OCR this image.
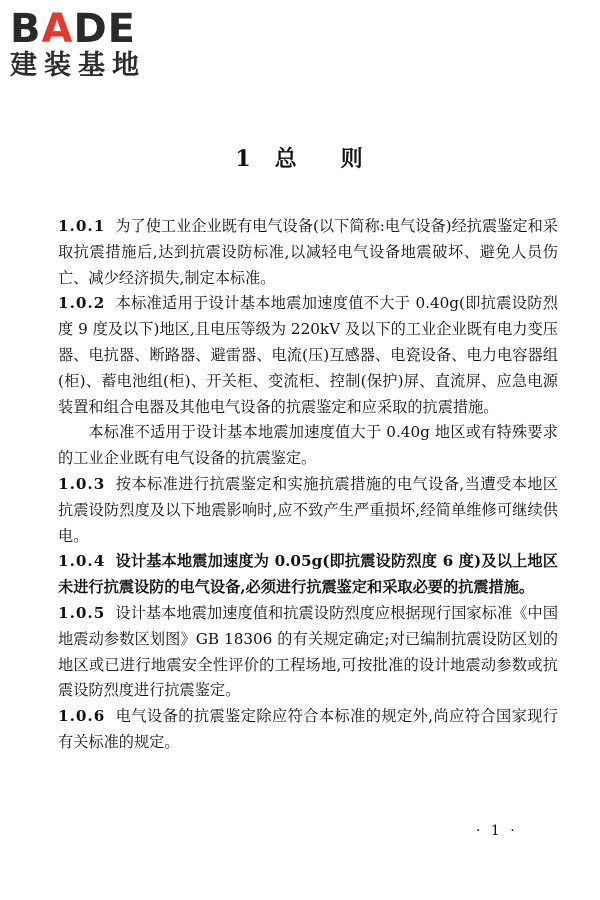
BADE
建装基地
1 总 则

1.0.1 为了使工业企业既有电气设备(以下简称:电气设备)经抗震鉴定和采取抗震措施后,达到抗震设防标准,以减轻电气设备地震破坏、避免人员伤亡、减少经济损失,制定本标准。

1.0.2 本标准适用于设计基本地震加速度值不大于 0.40g(即抗震设防烈度 9 度及以下)地区,且电压等级为 220kV 及以下的工业企业既有电力变压器、电抗器、断路器、避雷器、电流(压)互感器、电瓷设备、电力电容器组(柜)、蓄电池组(柜)、开关柜、变流柜、控制(保护)屏、直流屏、应急电源装置和组合电器及其他电气设备的抗震鉴定和应采取的抗震措施。

本标准不适用于设计基本地震加速度值大于 0.40g 地区或有特殊要求的工业企业既有电气设备的抗震鉴定。

1.0.3 按本标准进行抗震鉴定和实施抗震措施的电气设备,当遭受本地区抗震设防烈度及以下地震影响时,应不致产生严重损坏,经简单维修可继续供电。

1.0.4 设计基本地震加速度为 0.05g(即抗震设防烈度 6 度)及以上地区未进行抗震设防的电气设备,必须进行抗震鉴定和采取必要的抗震措施。

1.0.5 设计基本地震加速度值和抗震设防烈度应根据现行国家标准《中国地震动参数区划图》GB 18306 的有关规定确定;对已编制抗震设防区划的地区或已进行地震安全性评价的工程场地,可按批准的设计地震动参数或抗震设防烈度进行抗震鉴定。

1.0.6 电气设备的抗震鉴定除应符合本标准的规定外,尚应符合国家现行有关标准的规定。

· 1 ·
